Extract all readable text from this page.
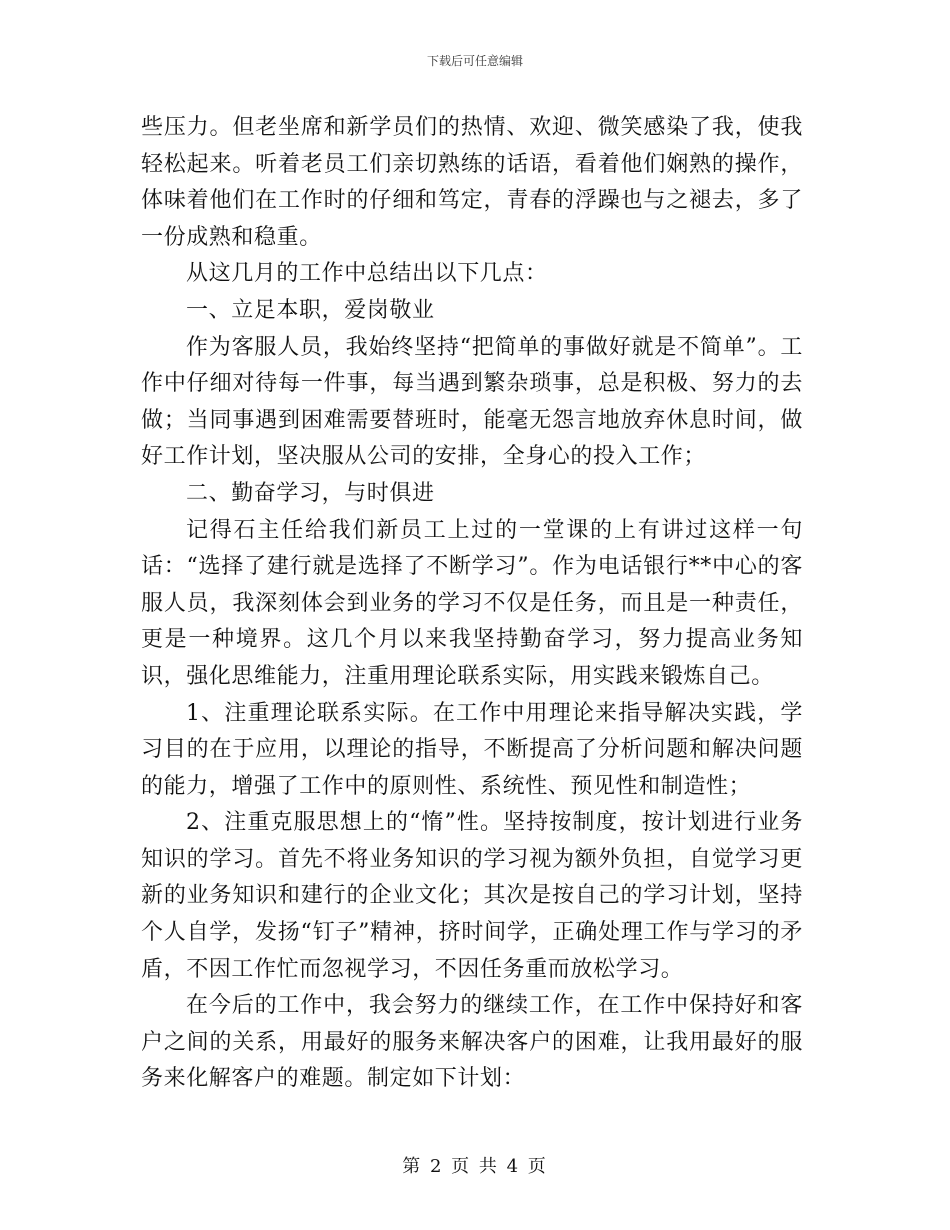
下载后可任意编辑

些压力。但老坐席和新学员们的热情、欢迎、微笑感染了我，使我轻松起来。听着老员工们亲切熟练的话语，看着他们娴熟的操作，体味着他们在工作时的仔细和笃定，青春的浮躁也与之褪去，多了一份成熟和稳重。

从这几月的工作中总结出以下几点：

一、立足本职，爱岗敬业

作为客服人员，我始终坚持“把简单的事做好就是不简单”。工作中仔细对待每一件事，每当遇到繁杂琐事，总是积极、努力的去做；当同事遇到困难需要替班时，能毫无怨言地放弃休息时间，做好工作计划，坚决服从公司的安排，全身心的投入工作；

二、勤奋学习，与时俱进

记得石主任给我们新员工上过的一堂课的上有讲过这样一句话：“选择了建行就是选择了不断学习”。作为电话银行**中心的客服人员，我深刻体会到业务的学习不仅是任务，而且是一种责任，更是一种境界。这几个月以来我坚持勤奋学习，努力提高业务知识，强化思维能力，注重用理论联系实际，用实践来锻炼自己。

1、注重理论联系实际。在工作中用理论来指导解决实践，学习目的在于应用，以理论的指导，不断提高了分析问题和解决问题的能力，增强了工作中的原则性、系统性、预见性和制造性；

2、注重克服思想上的“惰”性。坚持按制度，按计划进行业务知识的学习。首先不将业务知识的学习视为额外负担，自觉学习更新的业务知识和建行的企业文化；其次是按自己的学习计划，坚持个人自学，发扬“钉子”精神，挤时间学，正确处理工作与学习的矛盾，不因工作忙而忽视学习，不因任务重而放松学习。

在今后的工作中，我会努力的继续工作，在工作中保持好和客户之间的关系，用最好的服务来解决客户的困难，让我用最好的服务来化解客户的难题。制定如下计划：

第 2 页 共 4 页
